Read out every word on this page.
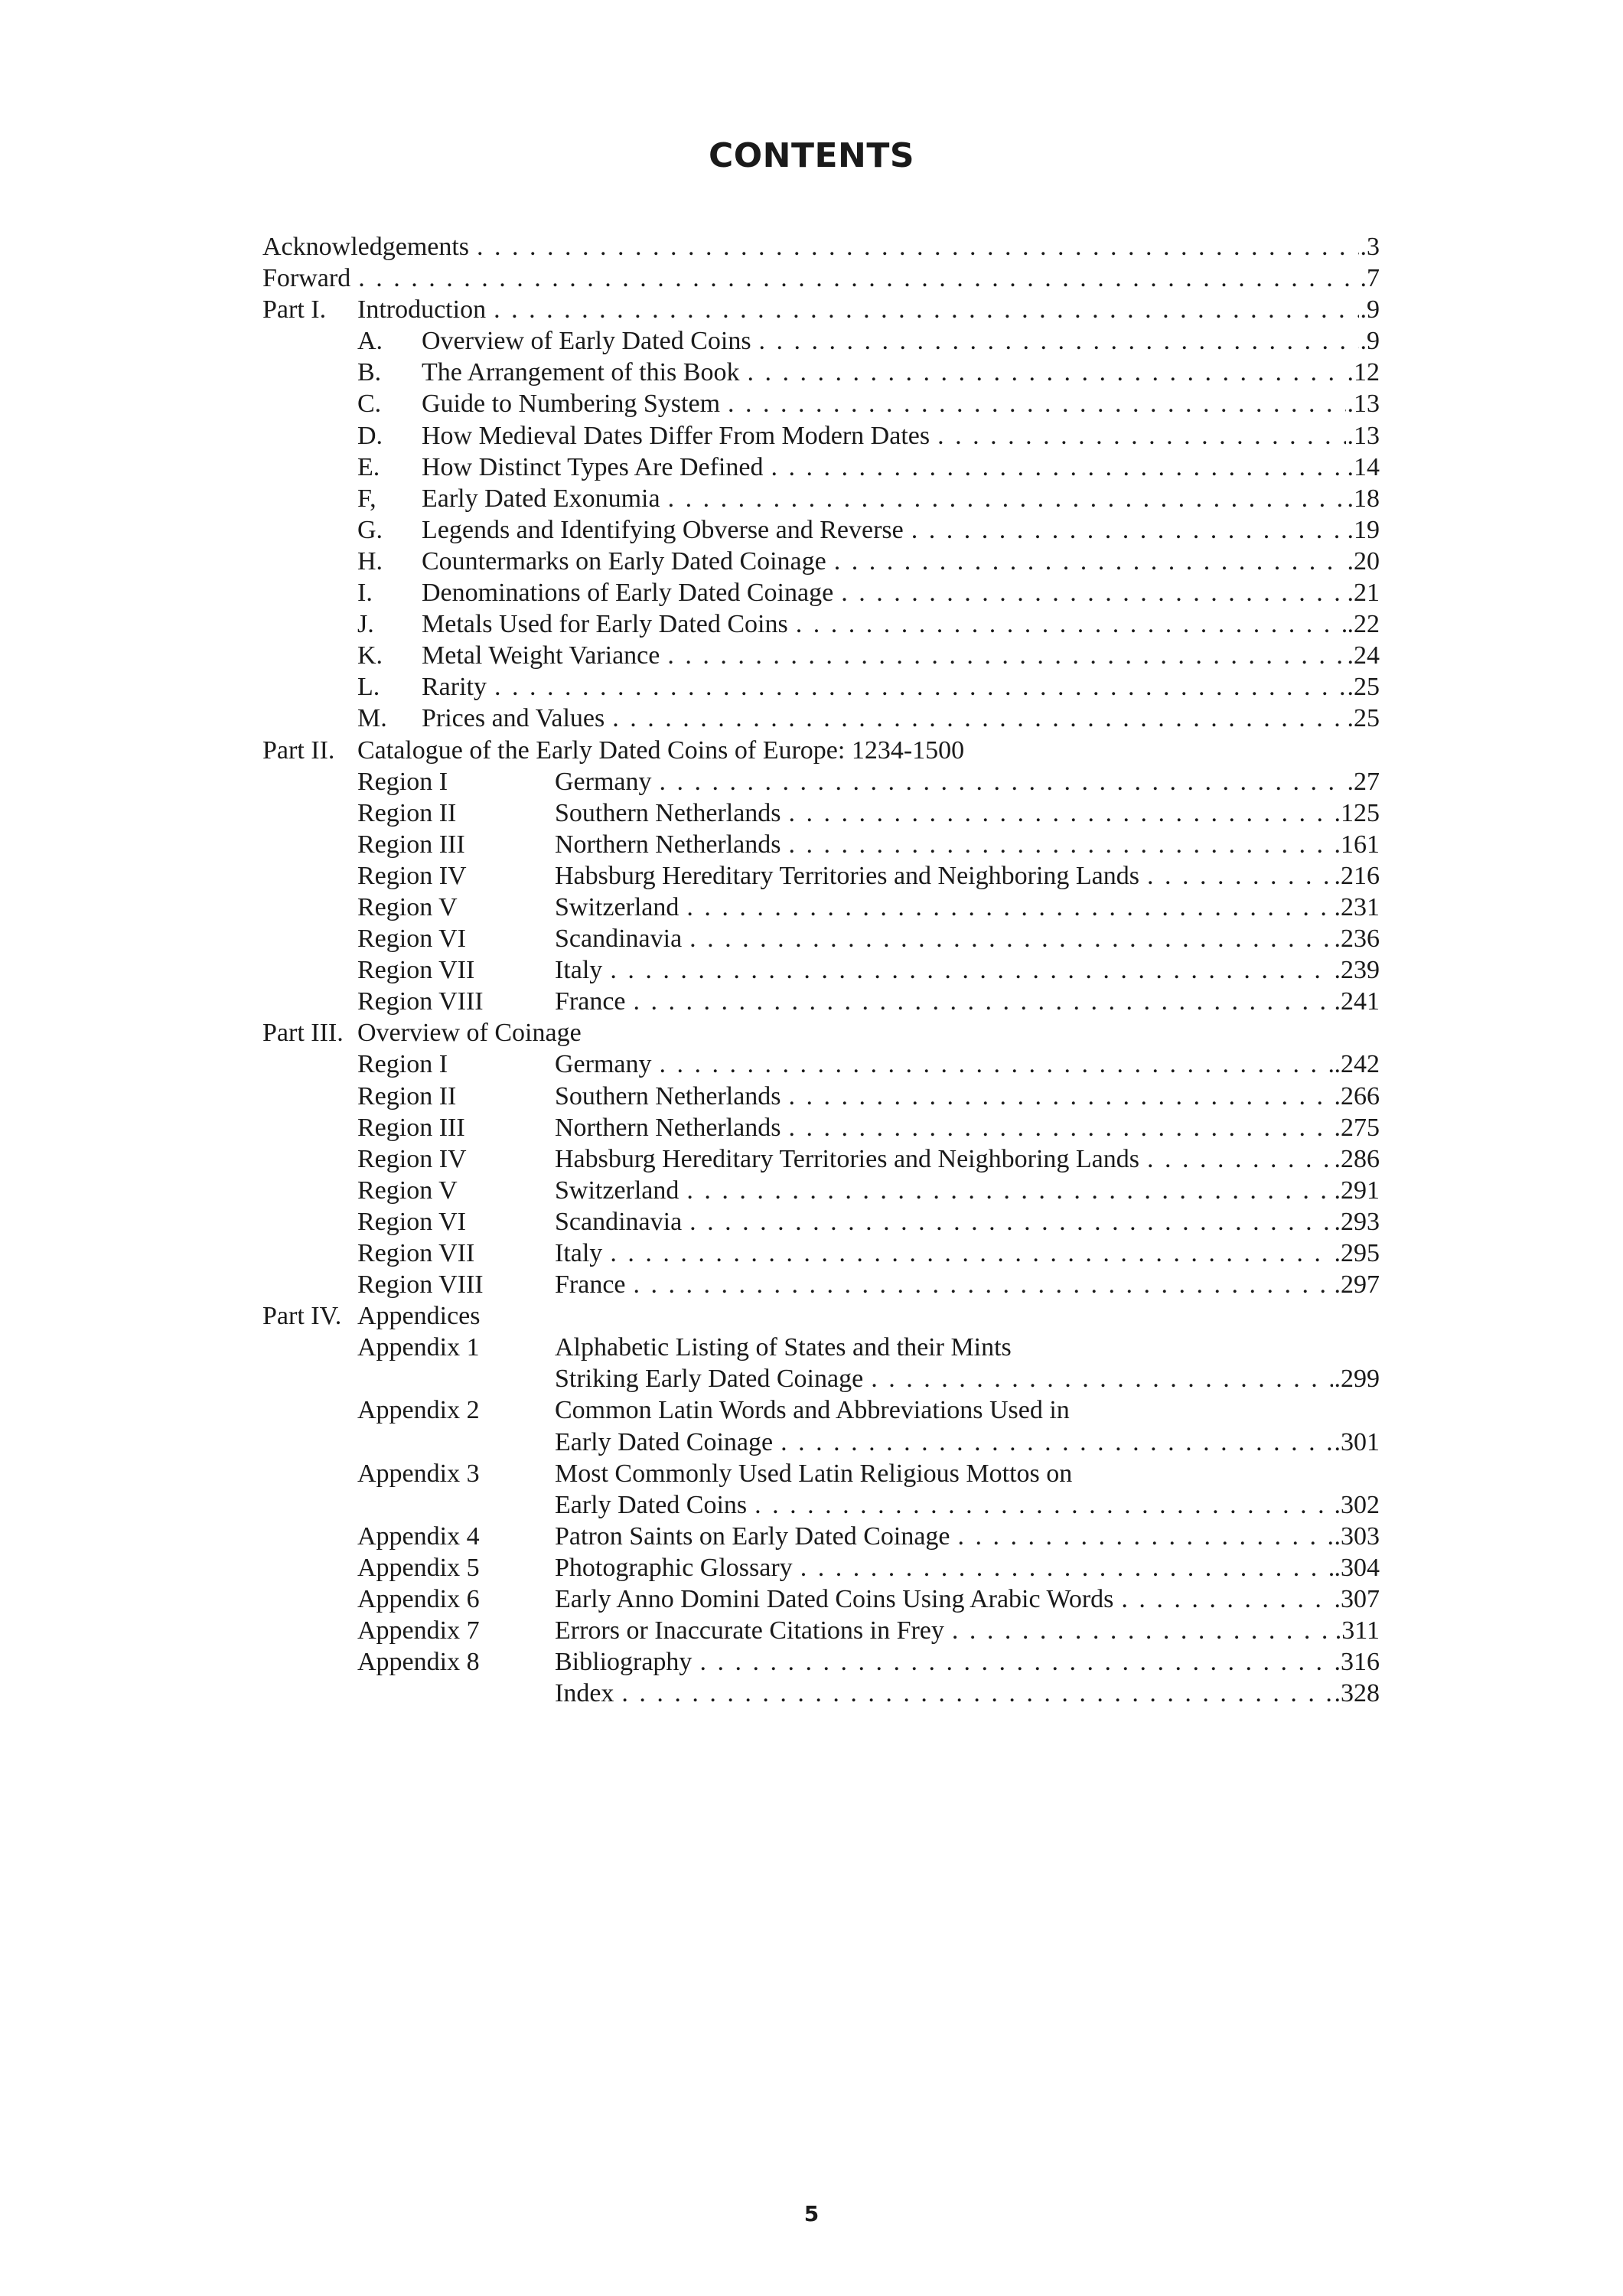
CONTENTS
Acknowledgements . . .	.3
Forward . . .	.7
Part I. Introduction . . .	.9
A. Overview of Early Dated Coins . . .	.9
B. The Arrangement of this Book . . .	.12
C. Guide to Numbering System . . .	.13
D. How Medieval Dates Differ From Modern Dates . . .	.13
E. How Distinct Types Are Defined . . .	.14
F, Early Dated Exonumia . . .	.18
G. Legends and Identifying Obverse and Reverse . . .	.19
H. Countermarks on Early Dated Coinage . . .	.20
I. Denominations of Early Dated Coinage . . .	.21
J. Metals Used for Early Dated Coins . . .	.22
K. Metal Weight Variance . . .	.24
L. Rarity . . .	.25
M. Prices and Values . . .	.25
Part II. Catalogue of the Early Dated Coins of Europe: 1234-1500
Region I	Germany . . .	.27
Region II	Southern Netherlands . . .	.125
Region III	Northern Netherlands . . .	.161
Region IV	Habsburg Hereditary Territories and Neighboring Lands . . .	.216
Region V	Switzerland . . .	.231
Region VI	Scandinavia . . .	.236
Region VII	Italy . . .	.239
Region VIII	France . . .	.241
Part III. Overview of Coinage
Region I	Germany . . .	.242
Region II	Southern Netherlands . . .	.266
Region III	Northern Netherlands . . .	.275
Region IV	Habsburg Hereditary Territories and Neighboring Lands . . .	.286
Region V	Switzerland . . .	.291
Region VI	Scandinavia . . .	.293
Region VII	Italy . . .	.295
Region VIII	France . . .	.297
Part IV. Appendices
Appendix 1	Alphabetic Listing of States and their Mints
Striking Early Dated Coinage . . .	.299
Appendix 2	Common Latin Words and Abbreviations Used in
Early Dated Coinage . . .	.301
Appendix 3	Most Commonly Used Latin Religious Mottos on
Early Dated Coins . . .	.302
Appendix 4	Patron Saints on Early Dated Coinage . . .	.303
Appendix 5	Photographic Glossary . . .	.304
Appendix 6	Early Anno Domini Dated Coins Using Arabic Words . . .	.307
Appendix 7	Errors or Inaccurate Citations in Frey . . .	.311
Appendix 8	Bibliography . . .	.316
Index . . .	.328
5
